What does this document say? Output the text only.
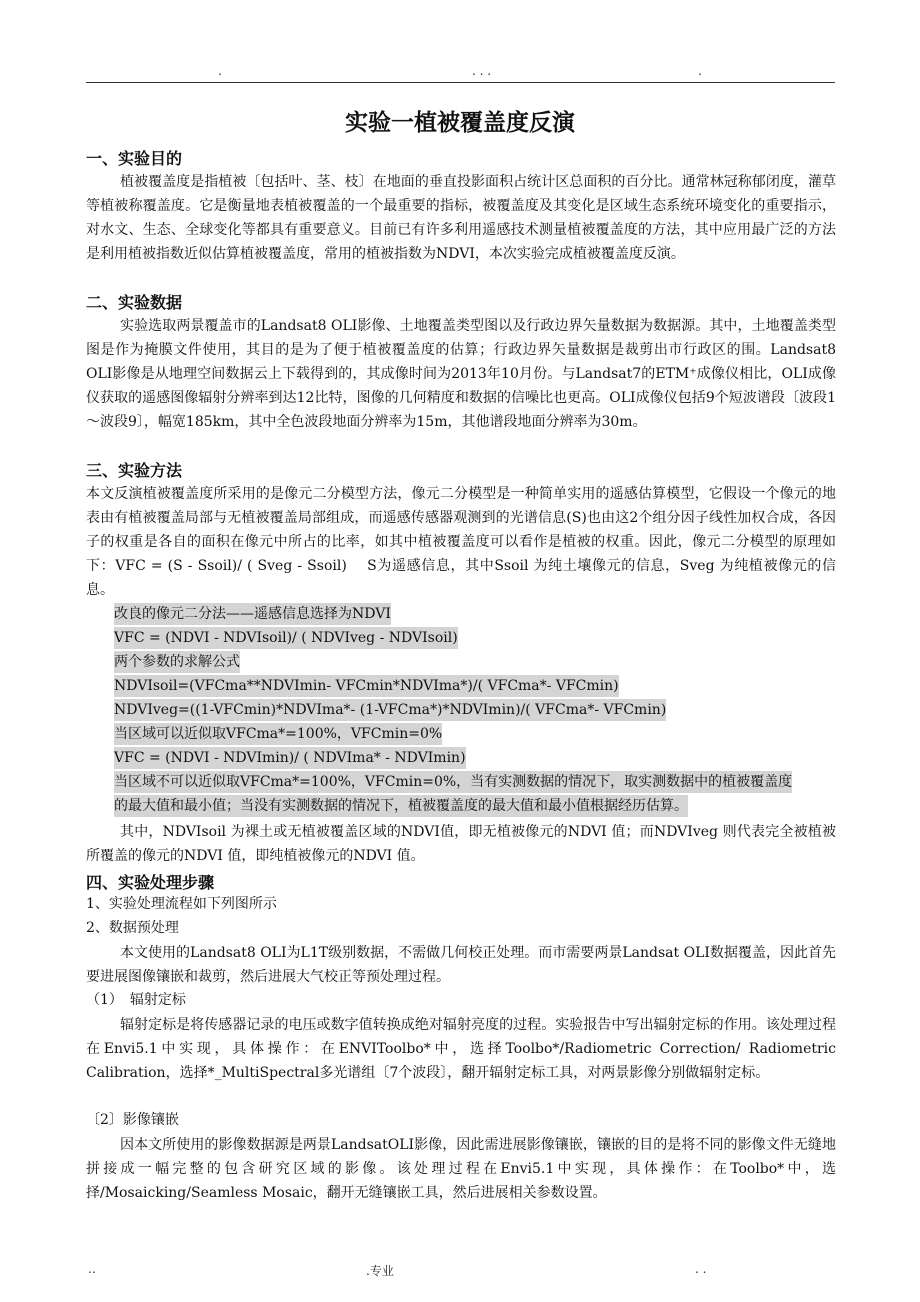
.	. . .	.
实验一植被覆盖度反演
一、实验目的

植被覆盖度是指植被〔包括叶、茎、枝〕在地面的垂直投影面积占统计区总面积的百分比。通常林冠称郁闭度，灌草等植被称覆盖度。它是衡量地表植被覆盖的一个最重要的指标，被覆盖度及其变化是区域生态系统环境变化的重要指示，对水文、生态、全球变化等都具有重要意义。目前已有许多利用遥感技术测量植被覆盖度的方法，其中应用最广泛的方法是利用植被指数近似估算植被覆盖度，常用的植被指数为NDVI，本次实验完成植被覆盖度反演。

二、实验数据

实验选取两景覆盖市的Landsat8 OLI影像、土地覆盖类型图以及行政边界矢量数据为数据源。其中，土地覆盖类型图是作为掩膜文件使用，其目的是为了便于植被覆盖度的估算；行政边界矢量数据是裁剪出市行政区的围。Landsat8 OLI影像是从地理空间数据云上下载得到的，其成像时间为2013年10月份。与Landsat7的ETM⁺成像仪相比，OLI成像仪获取的遥感图像辐射分辨率到达12比特，图像的几何精度和数据的信噪比也更高。OLI成像仪包括9个短波谱段〔波段1～波段9〕，幅宽185km，其中全色波段地面分辨率为15m，其他谱段地面分辨率为30m。

三、实验方法

本文反演植被覆盖度所采用的是像元二分模型方法，像元二分模型是一种简单实用的遥感估算模型，它假设一个像元的地表由有植被覆盖局部与无植被覆盖局部组成，而遥感传感器观测到的光谱信息(S)也由这2个组分因子线性加权合成，各因子的权重是各自的面积在像元中所占的比率，如其中植被覆盖度可以看作是植被的权重。因此，像元二分模型的原理如下：VFC = (S - Ssoil)/ ( Sveg - Ssoil)　 S为遥感信息，其中Ssoil 为纯土壤像元的信息，Sveg 为纯植被像元的信息。

改良的像元二分法——遥感信息选择为NDVI
VFC = (NDVI - NDVIsoil)/ ( NDVIveg - NDVIsoil)
两个参数的求解公式
NDVIsoil=(VFCma**NDVImin- VFCmin*NDVIma*)/( VFCma*- VFCmin)
NDVIveg=((1-VFCmin)*NDVIma*- (1-VFCma*)*NDVImin)/( VFCma*- VFCmin)
当区域可以近似取VFCma*=100%，VFCmin=0%
VFC = (NDVI - NDVImin)/ ( NDVIma* - NDVImin)
当区域不可以近似取VFCma*=100%，VFCmin=0%，当有实测数据的情况下，取实测数据中的植被覆盖度
的最大值和最小值；当没有实测数据的情况下，植被覆盖度的最大值和最小值根据经历估算。

其中，NDVIsoil 为裸土或无植被覆盖区域的NDVI值，即无植被像元的NDVI 值；而NDVIveg 则代表完全被植被所覆盖的像元的NDVI 值，即纯植被像元的NDVI 值。

四、实验处理步骤
1、实验处理流程如下列图所示
2、数据预处理

本文使用的Landsat8 OLI为L1T级别数据，不需做几何校正处理。而市需要两景Landsat OLI数据覆盖，因此首先要进展图像镶嵌和裁剪，然后进展大气校正等预处理过程。

（1）　辐射定标

辐射定标是将传感器记录的电压或数字值转换成绝对辐射亮度的过程。实验报告中写出辐射定标的作用。该处理过程在Envi5.1中实现，具体操作：在ENVIToolbo*中，选择Toolbo*/Radiometric Correction/ Radiometric Calibration，选择*_MultiSpectral多光谱组〔7个波段〕，翻开辐射定标工具，对两景影像分别做辐射定标。

〔2〕影像镶嵌

因本文所使用的影像数据源是两景LandsatOLI影像，因此需进展影像镶嵌，镶嵌的目的是将不同的影像文件无缝地拼接成一幅完整的包含研究区域的影像。该处理过程在Envi5.1中实现，具体操作：在Toolbo*中，选择/Mosaicking/Seamless Mosaic，翻开无缝镶嵌工具，然后进展相关参数设置。

..	.专业	. .
